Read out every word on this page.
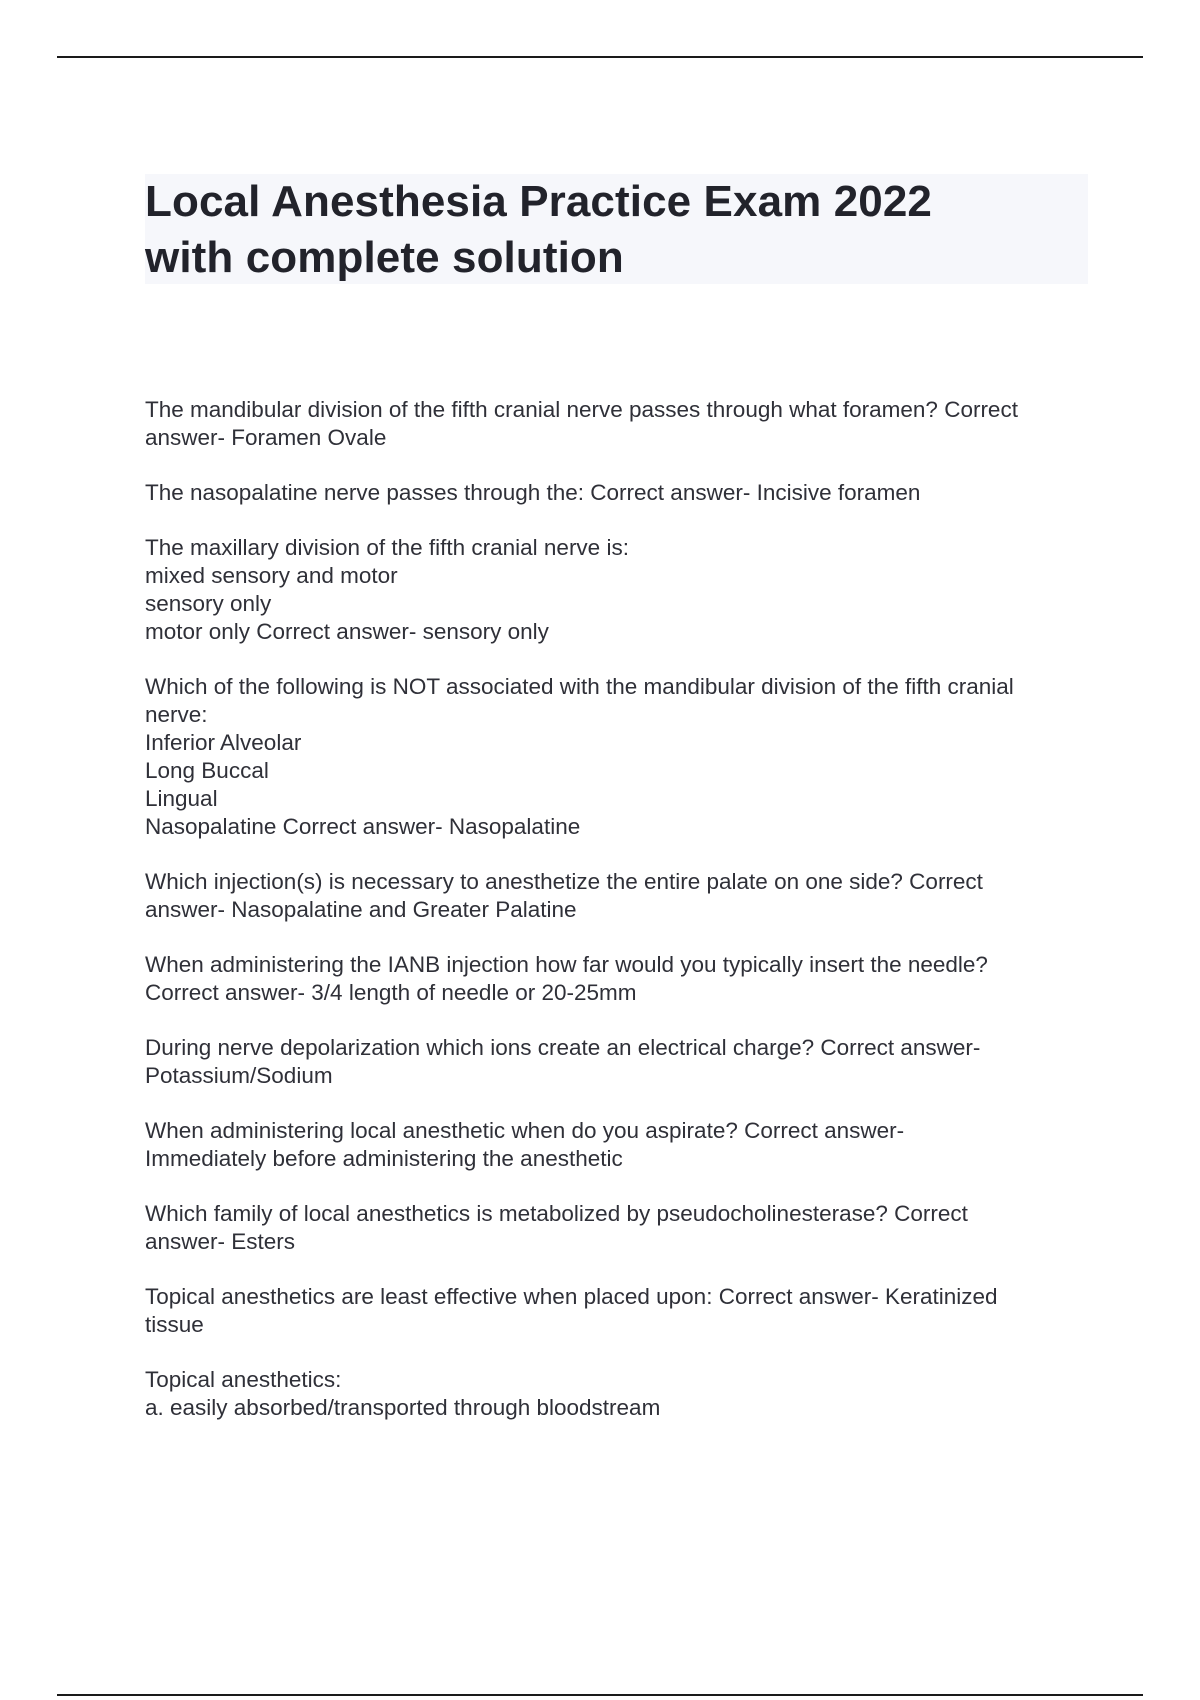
Local Anesthesia Practice Exam 2022
with complete solution

The mandibular division of the fifth cranial nerve passes through what foramen? Correct
answer- Foramen Ovale

The nasopalatine nerve passes through the: Correct answer- Incisive foramen

The maxillary division of the fifth cranial nerve is:
mixed sensory and motor
sensory only
motor only Correct answer- sensory only

Which of the following is NOT associated with the mandibular division of the fifth cranial
nerve:
Inferior Alveolar
Long Buccal
Lingual
Nasopalatine Correct answer- Nasopalatine

Which injection(s) is necessary to anesthetize the entire palate on one side? Correct
answer- Nasopalatine and Greater Palatine

When administering the IANB injection how far would you typically insert the needle?
Correct answer- 3/4 length of needle or 20-25mm

During nerve depolarization which ions create an electrical charge? Correct answer-
Potassium/Sodium

When administering local anesthetic when do you aspirate? Correct answer-
Immediately before administering the anesthetic

Which family of local anesthetics is metabolized by pseudocholinesterase? Correct
answer- Esters

Topical anesthetics are least effective when placed upon: Correct answer- Keratinized
tissue

Topical anesthetics:
a. easily absorbed/transported through bloodstream
